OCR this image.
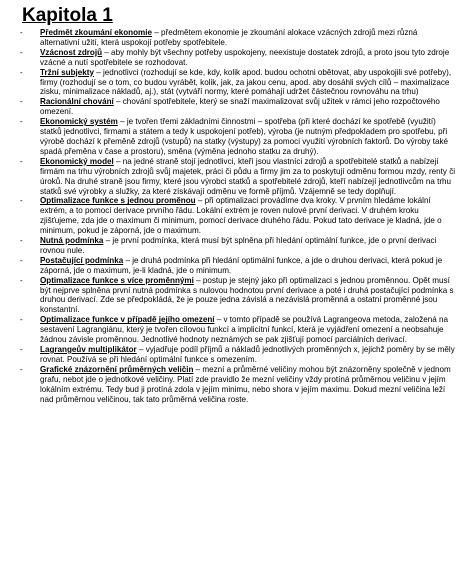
Kapitola 1
- Předmět zkoumání ekonomie – předmětem ekonomie je zkoumání alokace vzácných zdrojů mezi různá alternativní užití, která uspokojí potřeby spotřebitele.
- Vzácnost zdrojů – aby mohly být všechny potřeby uspokojeny, neexistuje dostatek zdrojů, a proto jsou tyto zdroje vzácné a nutí spotřebitele se rozhodovat.
- Tržní subjekty – jednotlivci (rozhodují se kde, kdy, kolik apod. budou ochotni obětovat, aby uspokojili své potřeby), firmy (rozhodují se o tom, co budou vyrábět, kolik, jak, za jakou cenu, apod. aby dosáhli svých cílů – maximalizace zisku, minimalizace nákladů, aj.), stát (vytváří normy, které pomáhají udržet částečnou rovnováhu na trhu)
- Racionální chování – chování spotřebitele, který se snaží maximalizovat svůj užitek v rámci jeho rozpočtového omezení.
- Ekonomický systém – je tvořen třemi základními činnostmi – spotřeba (při které dochází ke spotřebě (využití) statků jednotlivci, firmami a státem a tedy k uspokojení potřeb), výroba (je nutným předpokladem pro spotřebu, při výrobě dochází k přeměně zdrojů (vstupů) na statky (výstupy) za pomoci využití výrobních faktorů. Do výroby také spadá přeměna v čase a prostoru), směna (výměna jednoho statku za druhý).
- Ekonomický model – na jedné straně stojí jednotlivci, kteří jsou vlastníci zdrojů a spotřebitelé statků a nabízejí firmám na trhu výrobních zdrojů svůj majetek, práci či půdu a firmy jim za to poskytují odměnu formou mzdy, renty či úroků. Na druhé straně jsou firmy, které jsou výrobci statků a spotřebitelé zdrojů, kteří nabízejí jednotlivcům na trhu statků své výrobky a služky, za které získávají odměnu ve formě příjmů. Vzájemně se tedy doplňují.
- Optimalizace funkce s jednou proměnou – při optimalizaci provádíme dva kroky. V prvním hledáme lokální extrém, a to pomocí derivace prvního řádu. Lokální extrém je roven nulové první derivaci. V druhém kroku zjišťujeme, zda jde o maximum či minimum, pomocí derivace druhého řádu. Pokud tato derivace je kladná, jde o minimum, pokud je záporná, jde o maximum.
- Nutná podmínka – je první podmínka, která musí být splněna při hledání optimální funkce, jde o první derivaci rovnou nule.
- Postačující podmínka – je druhá podmínka při hledání optimální funkce, a jde o druhou derivaci, která pokud je záporná, jde o maximum, je-li kladná, jde o minimum.
- Optimalizace funkce s více proměnnými – postup je stejný jako při optimalizaci s jednou proměnnou. Opět musí být nejprve splněna první nutná podmínka s nulovou hodnotou první derivace a poté i druhá postačující podmínka s druhou derivací. Zde se předpokládá, že je pouze jedna závislá a nezávislá proměnná a ostatní proměnné jsou konstantní.
- Optimalizace funkce v případě jejího omezení – v tomto případě se používá Lagrangeova metoda, založená na sestavení Lagrangiánu, který je tvořen cílovou funkcí a implicitní funkcí, která je vyjádření omezení a neobsahuje žádnou závisle proměnnou. Jednotlivé hodnoty neznámých se pak zjišťují pomocí parciálních derivací.
- Lagrangeův multiplikátor – vyjadřuje podíl příjmů a nákladů jednotlivých proměnných x, jejichž poměry by se měly rovnat. Používá se při hledání optimální funkce s omezením.
- Grafické znázornění průměrných veličin – mezní a průměrné veličiny mohou být znázorněny společně v jednom grafu, nebot jde o jednotkové veličiny. Platí zde pravidlo že mezní veličiny vždy protíná průměrnou veličinu v jejím lokálním extrému. Tedy bud ji protíná zdola v jejím minimu, nebo shora v jejím maximu. Dokud mezní veličina leží nad průměrnou veličinou, tak tato průměrná veličina roste.
